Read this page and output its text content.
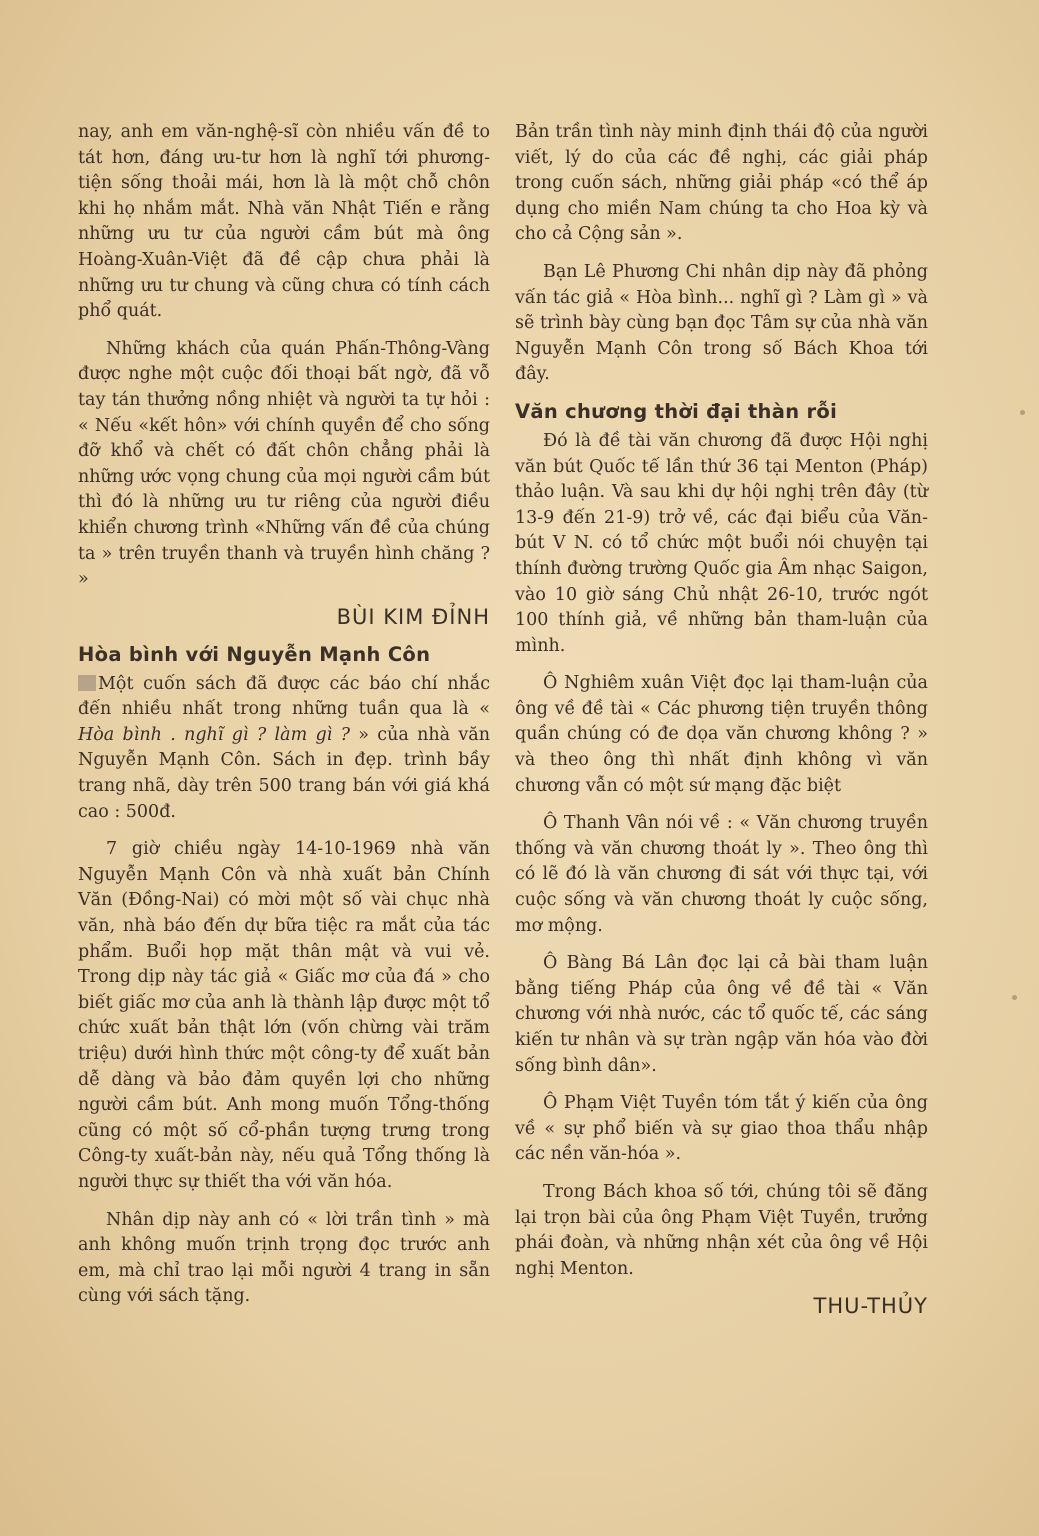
nay, anh em văn-nghệ-sĩ còn nhiều vấn đề to tát hơn, đáng ưu-tư hơn là nghĩ tới phương-tiện sống thoải mái, hơn là là một chỗ chôn khi họ nhắm mắt. Nhà văn Nhật Tiến e rằng những ưu tư của người cầm bút mà ông Hoàng-Xuân-Việt đã đề cập chưa phải là những ưu tư chung và cũng chưa có tính cách phổ quát.

Những khách của quán Phấn-Thông-Vàng được nghe một cuộc đối thoại bất ngờ, đã vỗ tay tán thưởng nồng nhiệt và người ta tự hỏi : « Nếu «kết hôn» với chính quyền để cho sống đỡ khổ và chết có đất chôn chẳng phải là những ước vọng chung của mọi người cầm bút thì đó là những ưu tư riêng của người điều khiển chương trình «Những vấn đề của chúng ta » trên truyền thanh và truyền hình chăng ? »

BÙI KIM ĐỈNH
Hòa bình với Nguyễn Mạnh Côn

Một cuốn sách đã được các báo chí nhắc đến nhiều nhất trong những tuần qua là « Hòa bình . nghĩ gì ? làm gì ? » của nhà văn Nguyễn Mạnh Côn. Sách in đẹp. trình bầy trang nhã, dày trên 500 trang bán với giá khá cao : 500đ.

7 giờ chiều ngày 14-10-1969 nhà văn Nguyễn Mạnh Côn và nhà xuất bản Chính Văn (Đồng-Nai) có mời một số vài chục nhà văn, nhà báo đến dự bữa tiệc ra mắt của tác phẩm. Buổi họp mặt thân mật và vui vẻ. Trong dịp này tác giả « Giấc mơ của đá » cho biết giấc mơ của anh là thành lập được một tổ chức xuất bản thật lớn (vốn chừng vài trăm triệu) dưới hình thức một công-ty để xuất bản dễ dàng và bảo đảm quyền lợi cho những người cầm bút. Anh mong muốn Tổng-thống cũng có một số cổ-phần tượng trưng trong Công-ty xuất-bản này, nếu quả Tổng thống là người thực sự thiết tha với văn hóa.

Nhân dịp này anh có « lời trần tình » mà anh không muốn trịnh trọng đọc trước anh em, mà chỉ trao lại mỗi người 4 trang in sẵn cùng với sách tặng.

Bản trần tình này minh định thái độ của người viết, lý do của các đề nghị, các giải pháp trong cuốn sách, những giải pháp «có thể áp dụng cho miền Nam chúng ta cho Hoa kỳ và cho cả Cộng sản ».

Bạn Lê Phương Chi nhân dịp này đã phỏng vấn tác giả « Hòa bình... nghĩ gì ? Làm gì » và sẽ trình bày cùng bạn đọc Tâm sự của nhà văn Nguyễn Mạnh Côn trong số Bách Khoa tới đây.

Văn chương thời đại thàn rỗi

Đó là đề tài văn chương đã được Hội nghị văn bút Quốc tế lần thứ 36 tại Menton (Pháp) thảo luận. Và sau khi dự hội nghị trên đây (từ 13-9 đến 21-9) trở về, các đại biểu của Văn-bút V N. có tổ chức một buổi nói chuyện tại thính đường trường Quốc gia Âm nhạc Saigon, vào 10 giờ sáng Chủ nhật 26-10, trước ngót 100 thính giả, về những bản tham-luận của mình.

Ô Nghiêm xuân Việt đọc lại tham-luận của ông về đề tài « Các phương tiện truyền thông quần chúng có đe dọa văn chương không ? » và theo ông thì nhất định không vì văn chương vẫn có một sứ mạng đặc biệt

Ô Thanh Vân nói về : « Văn chương truyền thống và văn chương thoát ly ». Theo ông thì có lẽ đó là văn chương đi sát với thực tại, với cuộc sống và văn chương thoát ly cuộc sống, mơ mộng.

Ô Bàng Bá Lân đọc lại cả bài tham luận bằng tiếng Pháp của ông về đề tài « Văn chương với nhà nước, các tổ quốc tế, các sáng kiến tư nhân và sự tràn ngập văn hóa vào đời sống bình dân».

Ô Phạm Việt Tuyền tóm tắt ý kiến của ông về « sự phổ biến và sự giao thoa thẩu nhập các nền văn-hóa ».

Trong Bách khoa số tới, chúng tôi sẽ đăng lại trọn bài của ông Phạm Việt Tuyền, trưởng phái đoàn, và những nhận xét của ông về Hội nghị Menton.

THU-THỦY
